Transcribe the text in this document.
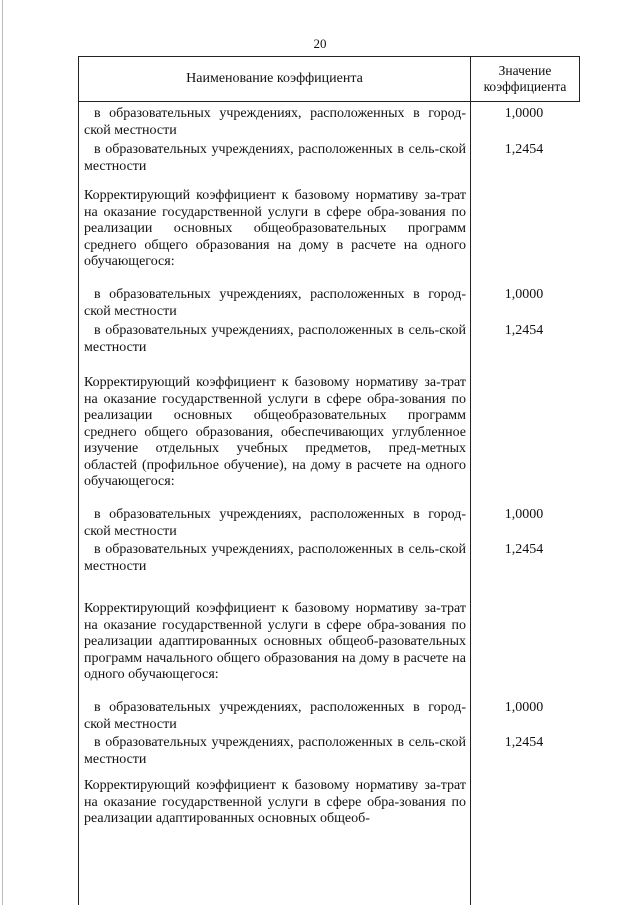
20
Наименование коэффициента
Значение
коэффициента
в образовательных учреждениях, расположенных в город-ской местности
1,0000
в образовательных учреждениях, расположенных в сель-ской местности
1,2454
Корректирующий коэффициент к базовому нормативу за-трат на оказание государственной услуги в сфере обра-зования по реализации основных общеобразовательных программ среднего общего образования на дому в расчете на одного обучающегося:
в образовательных учреждениях, расположенных в город-ской местности
1,0000
в образовательных учреждениях, расположенных в сель-ской местности
1,2454
Корректирующий коэффициент к базовому нормативу за-трат на оказание государственной услуги в сфере обра-зования по реализации основных общеобразовательных программ среднего общего образования, обеспечивающих углубленное изучение отдельных учебных предметов, пред-метных областей (профильное обучение), на дому в расчете на одного обучающегося:
в образовательных учреждениях, расположенных в город-ской местности
1,0000
в образовательных учреждениях, расположенных в сель-ской местности
1,2454
Корректирующий коэффициент к базовому нормативу за-трат на оказание государственной услуги в сфере обра-зования по реализации адаптированных основных общеоб-разовательных программ начального общего образования на дому в расчете на одного обучающегося:
в образовательных учреждениях, расположенных в город-ской местности
1,0000
в образовательных учреждениях, расположенных в сель-ской местности
1,2454
Корректирующий коэффициент к базовому нормативу за-трат на оказание государственной услуги в сфере обра-зования по реализации адаптированных основных общеоб-
